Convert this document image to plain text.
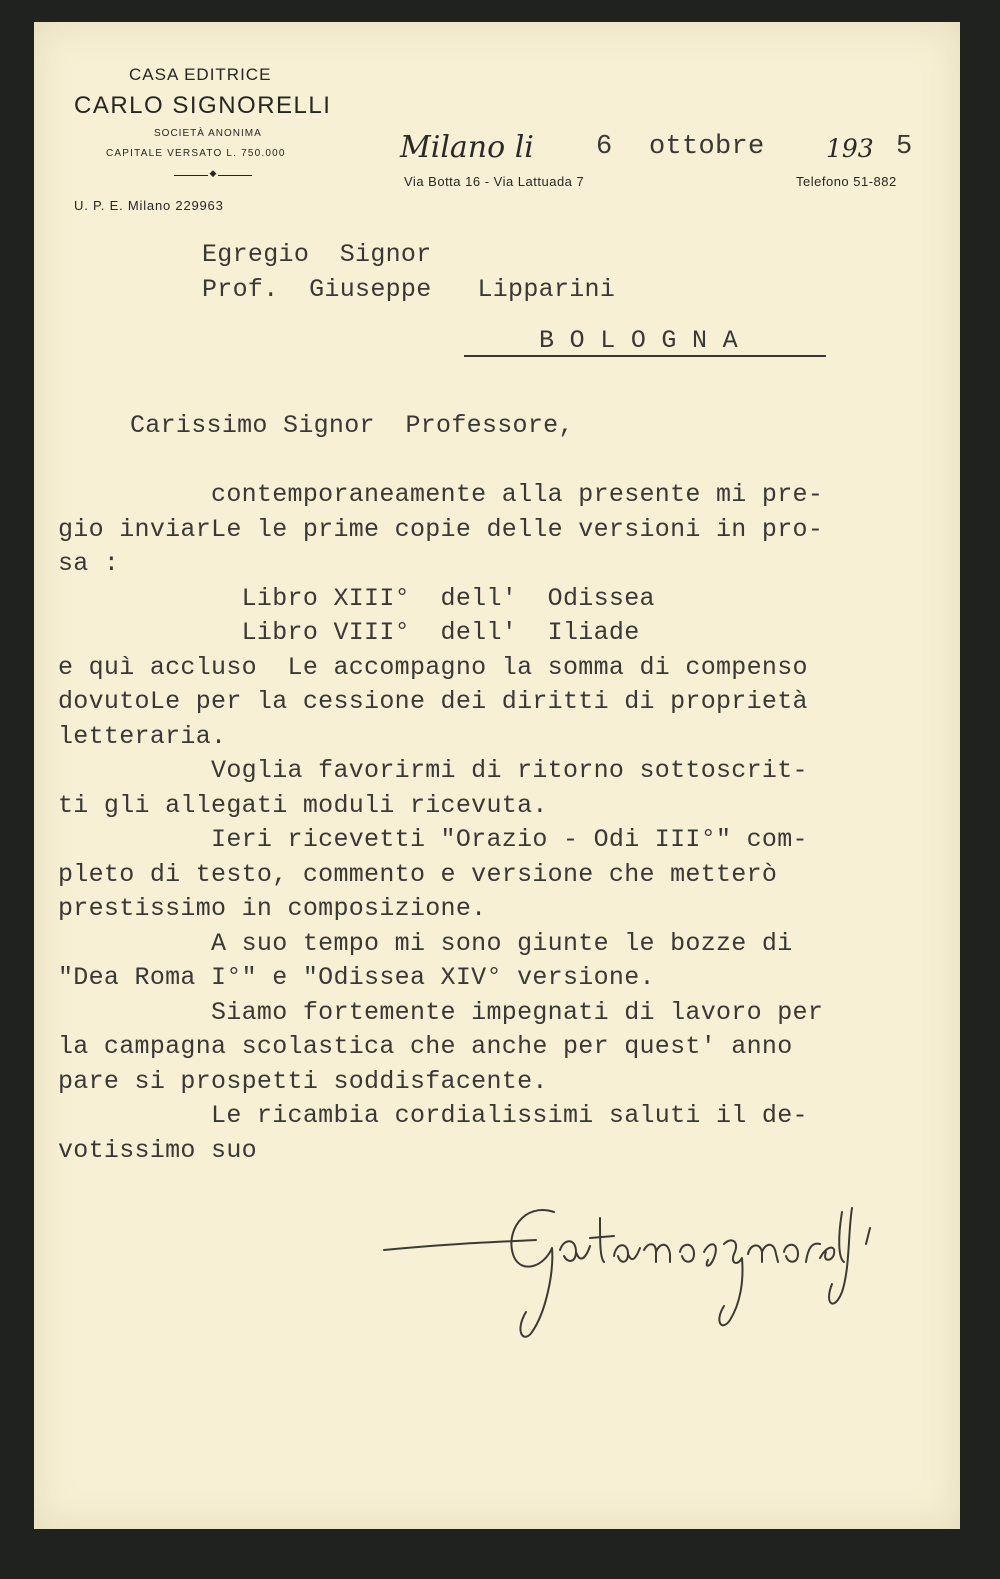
CASA EDITRICE
CARLO SIGNORELLI
SOCIETÀ ANONIMA
CAPITALE VERSATO L. 750.000
◆
U. P. E. Milano 229963
Milano li 6 ottobre 193 5
Via Botta 16 - Via Lattuada 7	Telefono 51-882
Egregio  Signor
Prof.  Giuseppe   Lipparini
B O L O G N A
Carissimo Signor  Professore,
contemporaneamente alla presente mi pre-
gio inviarLe le prime copie delle versioni in pro-
sa :
Libro XIII°  dell'  Odissea
Libro VIII°  dell'  Iliade
e quì accluso  Le accompagno la somma di compenso
dovutoLe per la cessione dei diritti di proprietà
letteraria.
Voglia favorirmi di ritorno sottoscrit-
ti gli allegati moduli ricevuta.
Ieri ricevetti "Orazio - Odi III°" com-
pleto di testo, commento e versione che metterò
prestissimo in composizione.
A suo tempo mi sono giunte le bozze di
"Dea Roma I°" e "Odissea XIV° versione.
Siamo fortemente impegnati di lavoro per
la campagna scolastica che anche per quest' anno
pare si prospetti soddisfacente.
Le ricambia cordialissimi saluti il de-
votissimo suo
